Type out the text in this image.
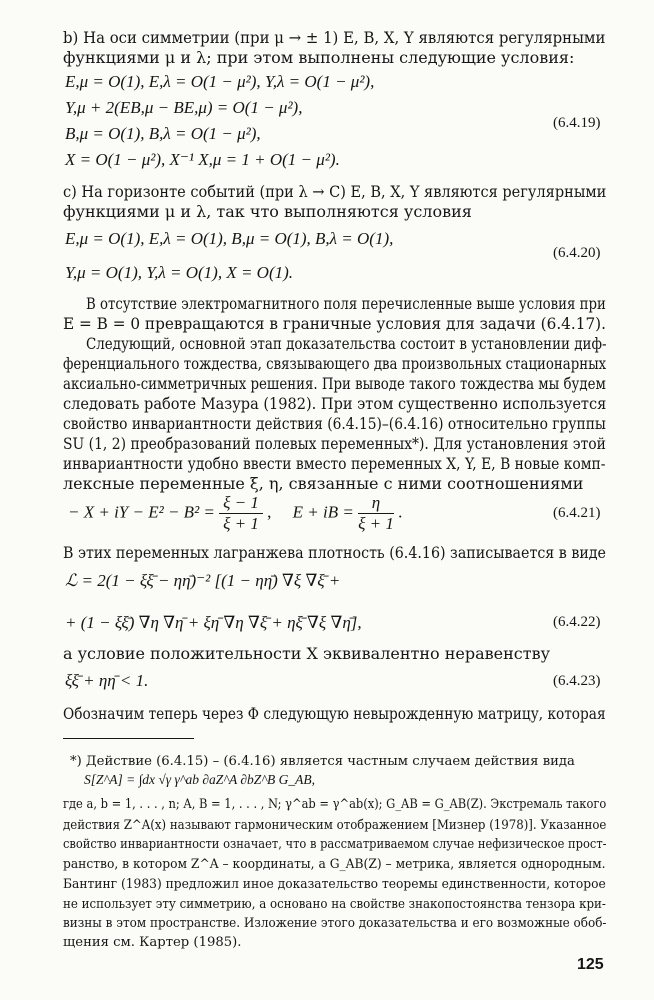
b) На оси симметрии (при μ → ± 1) E, B, X, Y являются регулярными
функциями μ и λ; при этом выполнены следующие условия:
E,μ = O(1), E,λ = O(1 − μ²), Y,λ = O(1 − μ²),
Y,μ + 2(EB,μ − BE,μ) = O(1 − μ²),
B,μ = O(1), B,λ = O(1 − μ²),
X = O(1 − μ²), X⁻¹ X,μ = 1 + O(1 − μ²).
(6.4.19)
c) На горизонте событий (при λ → C) E, B, X, Y являются регулярными
функциями μ и λ, так что выполняются условия
E,μ = O(1), E,λ = O(1), B,μ = O(1), B,λ = O(1),
Y,μ = O(1), Y,λ = O(1), X = O(1).
(6.4.20)
В отсутствие электромагнитного поля перечисленные выше условия при
E = B = 0 превращаются в граничные условия для задачи (6.4.17).
Следующий, основной этап доказательства состоит в установлении диф-
ференциального тождества, связывающего два произвольных стационарных
аксиально-симметричных решения. При выводе такого тождества мы будем
следовать работе Мазура (1982). При этом существенно используется
свойство инвариантности действия (6.4.15)–(6.4.16) относительно группы
SU (1, 2) преобразований полевых переменных*). Для установления этой
инвариантности удобно ввести вместо переменных X, Y, E, B новые комп-
лексные переменные ξ, η, связанные с ними соотношениями
− X + iY − $E^2 - B^2 = \frac{\xi - 1}{\xi + 1}$ ,     E + iB = $\frac{\eta}{\xi + 1}$ .	(6.4.21)
В этих переменных лагранжева плотность (6.4.16) записывается в виде
ℒ = 2(1 − ξξ̄ − ηη̄)⁻² [(1 − ηη̄) ∇ξ ∇ξ̄ +
+ (1 − ξξ̄) ∇η ∇η̄ + ξη̄ ∇η ∇ξ̄ + ηξ̄ ∇ξ ∇η̄],	(6.4.22)
а условие положительности X эквивалентно неравенству
ξξ̄ + ηη̄ < 1.	(6.4.23)
Обозначим теперь через Φ следующую невырожденную матрицу, которая
*) Действие (6.4.15) – (6.4.16) является частным случаем действия вида
S[Z^A] = ∫dx √γ γ^ab ∂aZ^A ∂bZ^B G_AB,
где a, b = 1, . . . , n; A, B = 1, . . . , N; γ^ab = γ^ab(x); G_AB = G_AB(Z). Экстремаль такого
действия Z^A(x) называют гармоническим отображением [Мизнер (1978)]. Указанное
свойство инвариантности означает, что в рассматриваемом случае нефизическое прост-
ранство, в котором Z^A – координаты, а G_AB(Z) – метрика, является однородным.
Бантинг (1983) предложил иное доказательство теоремы единственности, которое
не использует эту симметрию, а основано на свойстве знакопостоянства тензора кри-
визны в этом пространстве. Изложение этого доказательства и его возможные обоб-
щения см. Картер (1985).
125
